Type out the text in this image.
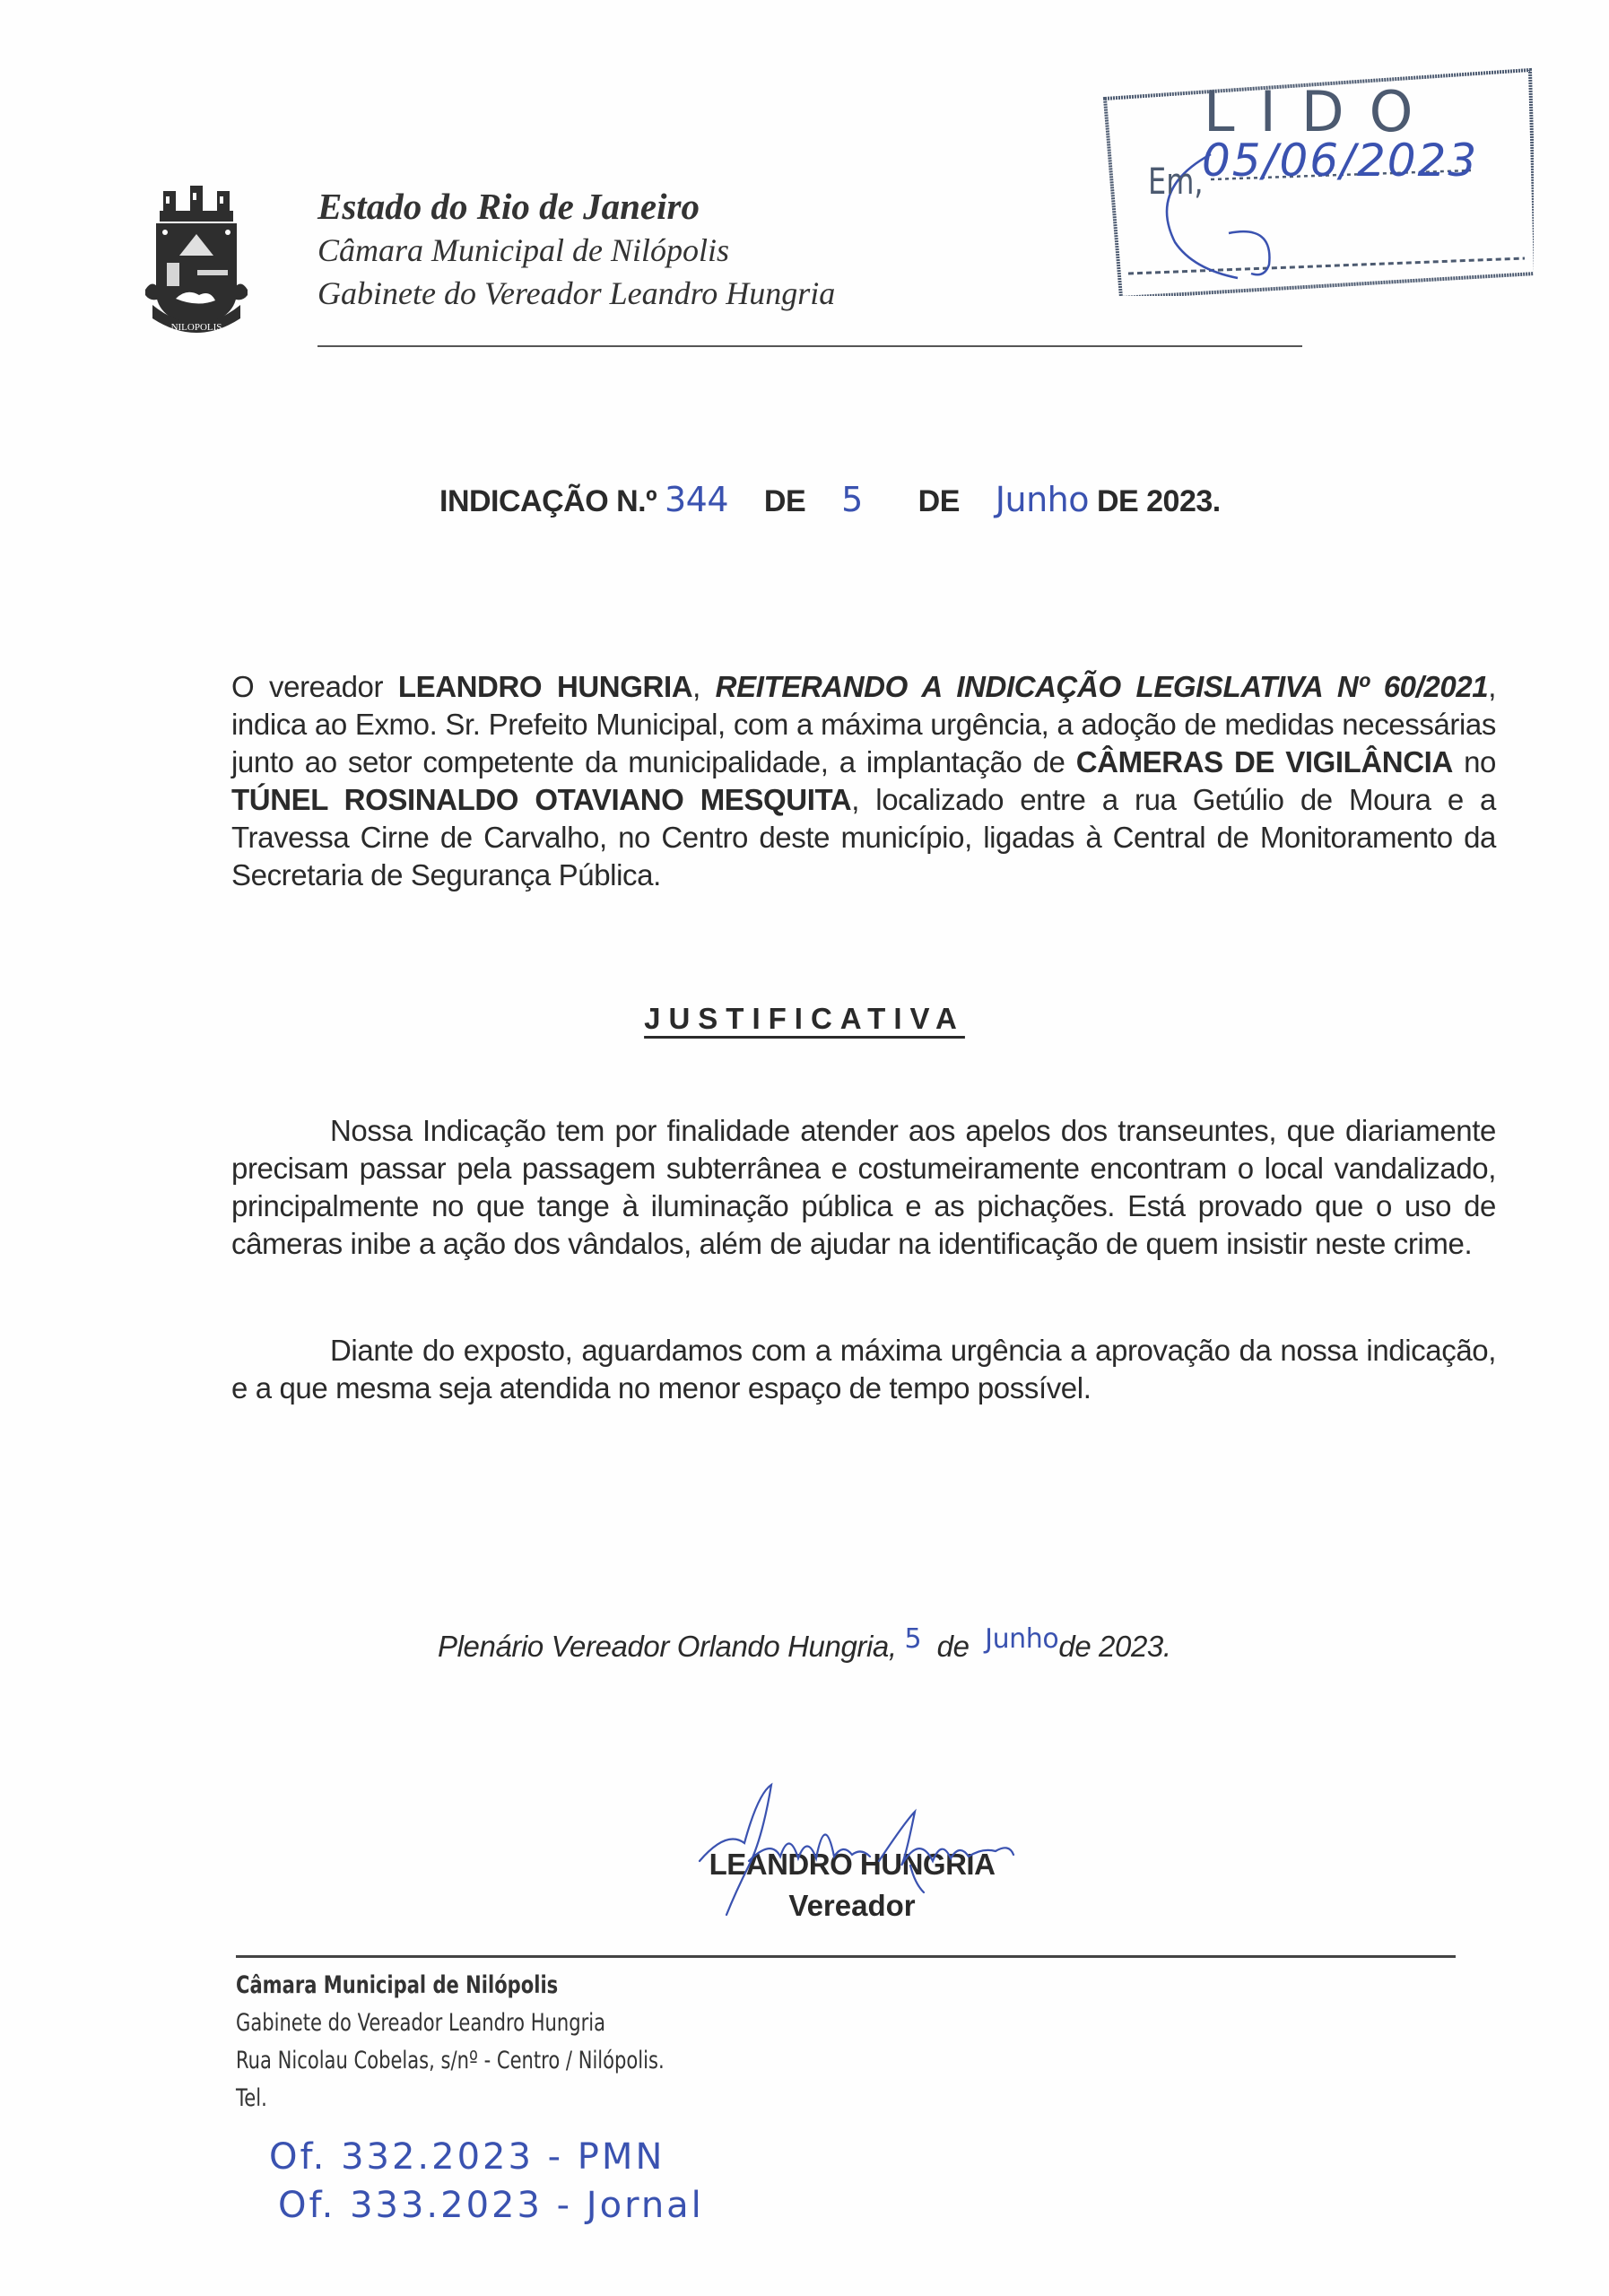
NILOPOLIS
Estado do Rio de Janeiro
Câmara Municipal de Nilópolis
Gabinete do Vereador Leandro Hungria
LIDO
Em,
05/06/2023
INDICAÇÃO N.º 344 DE 5 DE Junho DE 2023.
O vereador LEANDRO HUNGRIA, REITERANDO A INDICAÇÃO LEGISLATIVA Nº 60/2021, indica ao Exmo. Sr. Prefeito Municipal, com a máxima urgência, a adoção de medidas necessárias junto ao setor competente da municipalidade, a implantação de CÂMERAS DE VIGILÂNCIA no TÚNEL ROSINALDO OTAVIANO MESQUITA, localizado entre a rua Getúlio de Moura e a Travessa Cirne de Carvalho, no Centro deste município, ligadas à Central de Monitoramento da Secretaria de Segurança Pública.
JUSTIFICATIVA
Nossa Indicação tem por finalidade atender aos apelos dos transeuntes, que diariamente precisam passar pela passagem subterrânea e costumeiramente encontram o local vandalizado, principalmente no que tange à iluminação pública e as pichações. Está provado que o uso de câmeras inibe a ação dos vândalos, além de ajudar na identificação de quem insistir neste crime.
Diante do exposto, aguardamos com a máxima urgência a aprovação da nossa indicação, e a que mesma seja atendida no menor espaço de tempo possível.
Plenário Vereador Orlando Hungria, 5 de Junhode 2023.
LEANDRO HUNGRIA
Vereador
Câmara Municipal de Nilópolis
Gabinete do Vereador Leandro Hungria
Rua Nicolau Cobelas, s/nº - Centro / Nilópolis.
Tel.
Of. 332.2023 - PMN
Of. 333.2023 - Jornal
